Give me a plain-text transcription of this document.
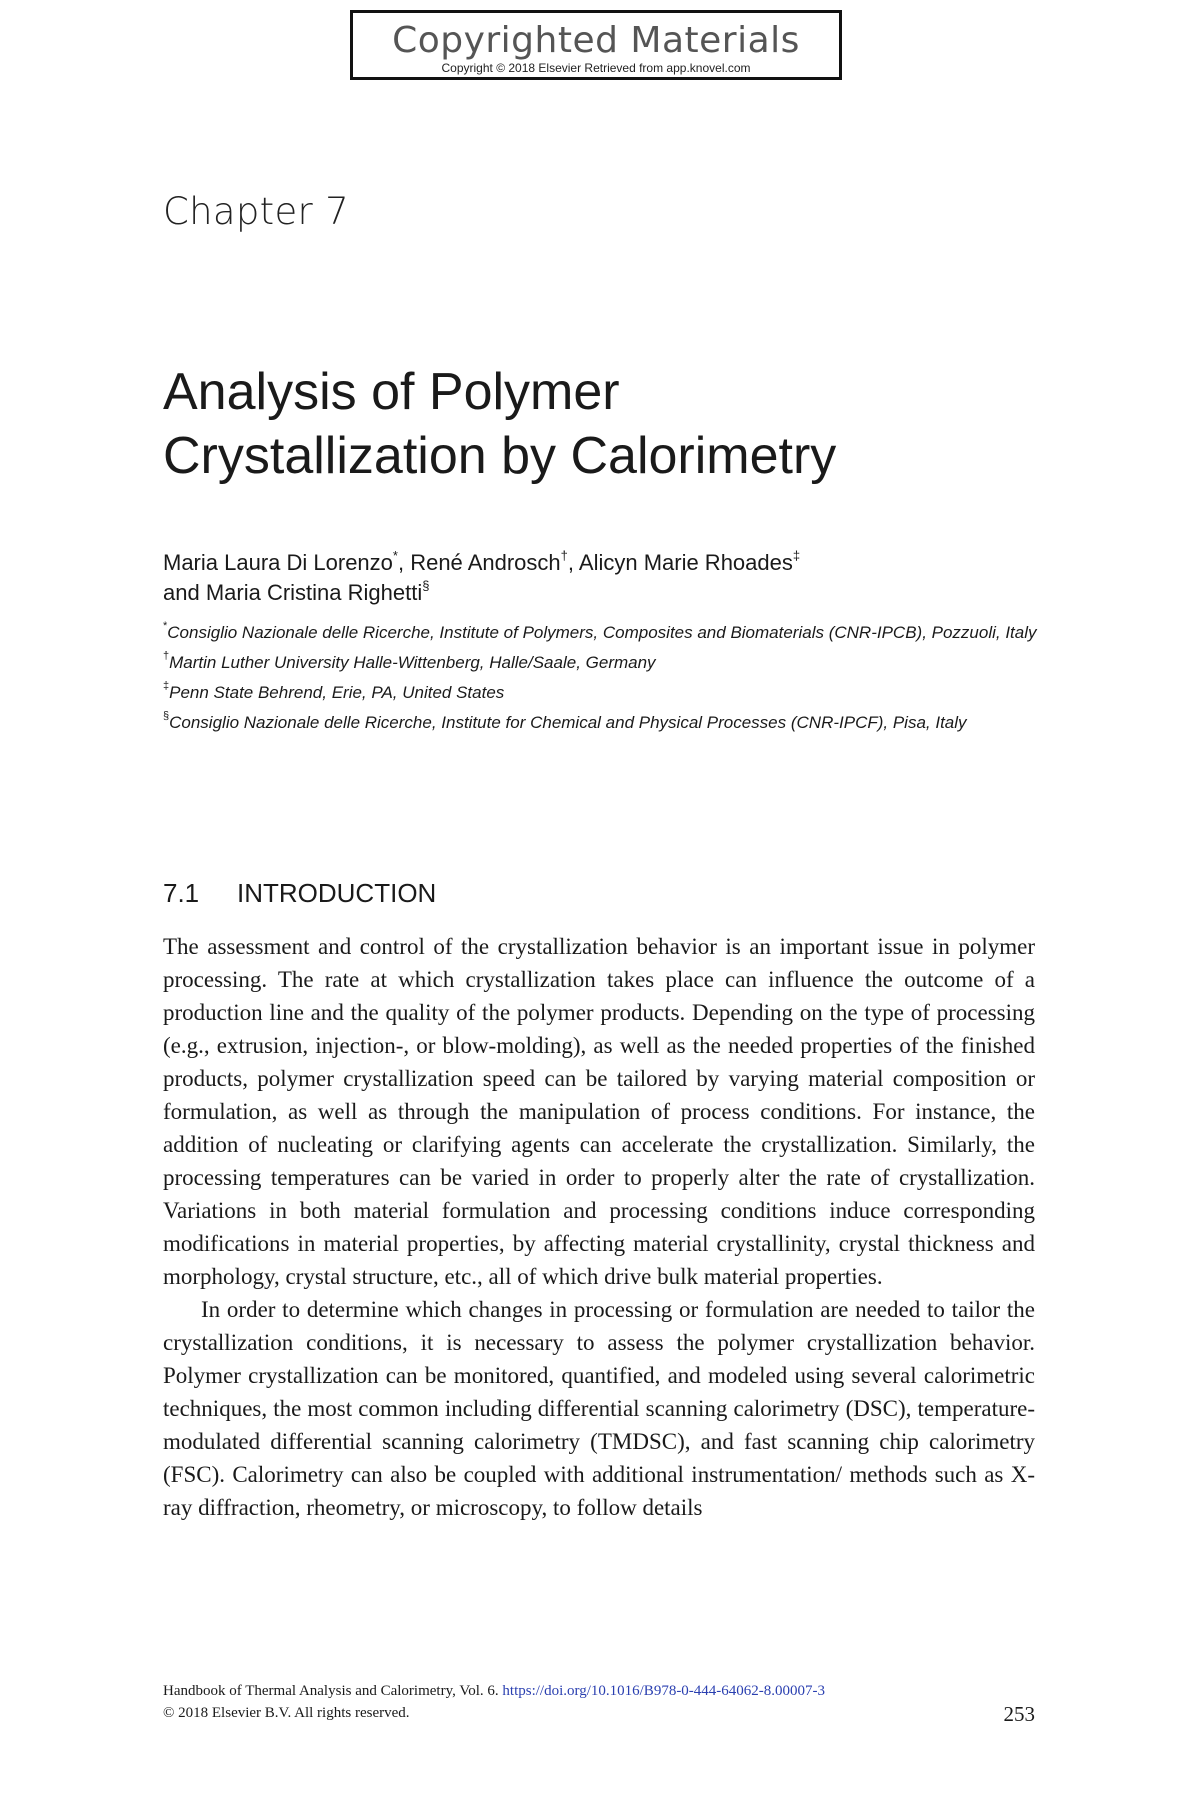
Copyrighted Materials
Copyright © 2018 Elsevier Retrieved from app.knovel.com
Chapter 7
Analysis of Polymer
Crystallization by Calorimetry
Maria Laura Di Lorenzo*, René Androsch†, Alicyn Marie Rhoades‡
and Maria Cristina Righetti§
*Consiglio Nazionale delle Ricerche, Institute of Polymers, Composites and Biomaterials (CNR-IPCB), Pozzuoli, Italy
†Martin Luther University Halle-Wittenberg, Halle/Saale, Germany
‡Penn State Behrend, Erie, PA, United States
§Consiglio Nazionale delle Ricerche, Institute for Chemical and Physical Processes (CNR-IPCF), Pisa, Italy
7.1 INTRODUCTION

The assessment and control of the crystallization behavior is an important issue in polymer processing. The rate at which crystallization takes place can influence the outcome of a production line and the quality of the polymer products. Depending on the type of processing (e.g., extrusion, injection-, or blow-molding), as well as the needed properties of the finished products, polymer crystallization speed can be tailored by varying material composition or formulation, as well as through the manipulation of process conditions. For instance, the addition of nucleating or clarifying agents can accelerate the crystallization. Similarly, the processing temperatures can be varied in order to properly alter the rate of crystallization. Variations in both material formulation and processing conditions induce corresponding modifications in material properties, by affecting material crystallinity, crystal thickness and morphology, crystal structure, etc., all of which drive bulk material properties.

In order to determine which changes in processing or formulation are needed to tailor the crystallization conditions, it is necessary to assess the polymer crystallization behavior. Polymer crystallization can be monitored, quantified, and modeled using several calorimetric techniques, the most common including differential scanning calorimetry (DSC), temperature-modulated differential scanning calorimetry (TMDSC), and fast scanning chip calorimetry (FSC). Calorimetry can also be coupled with additional instrumentation/ methods such as X-ray diffraction, rheometry, or microscopy, to follow details

Handbook of Thermal Analysis and Calorimetry, Vol. 6. https://doi.org/10.1016/B978-0-444-64062-8.00007-3
© 2018 Elsevier B.V. All rights reserved.	253
